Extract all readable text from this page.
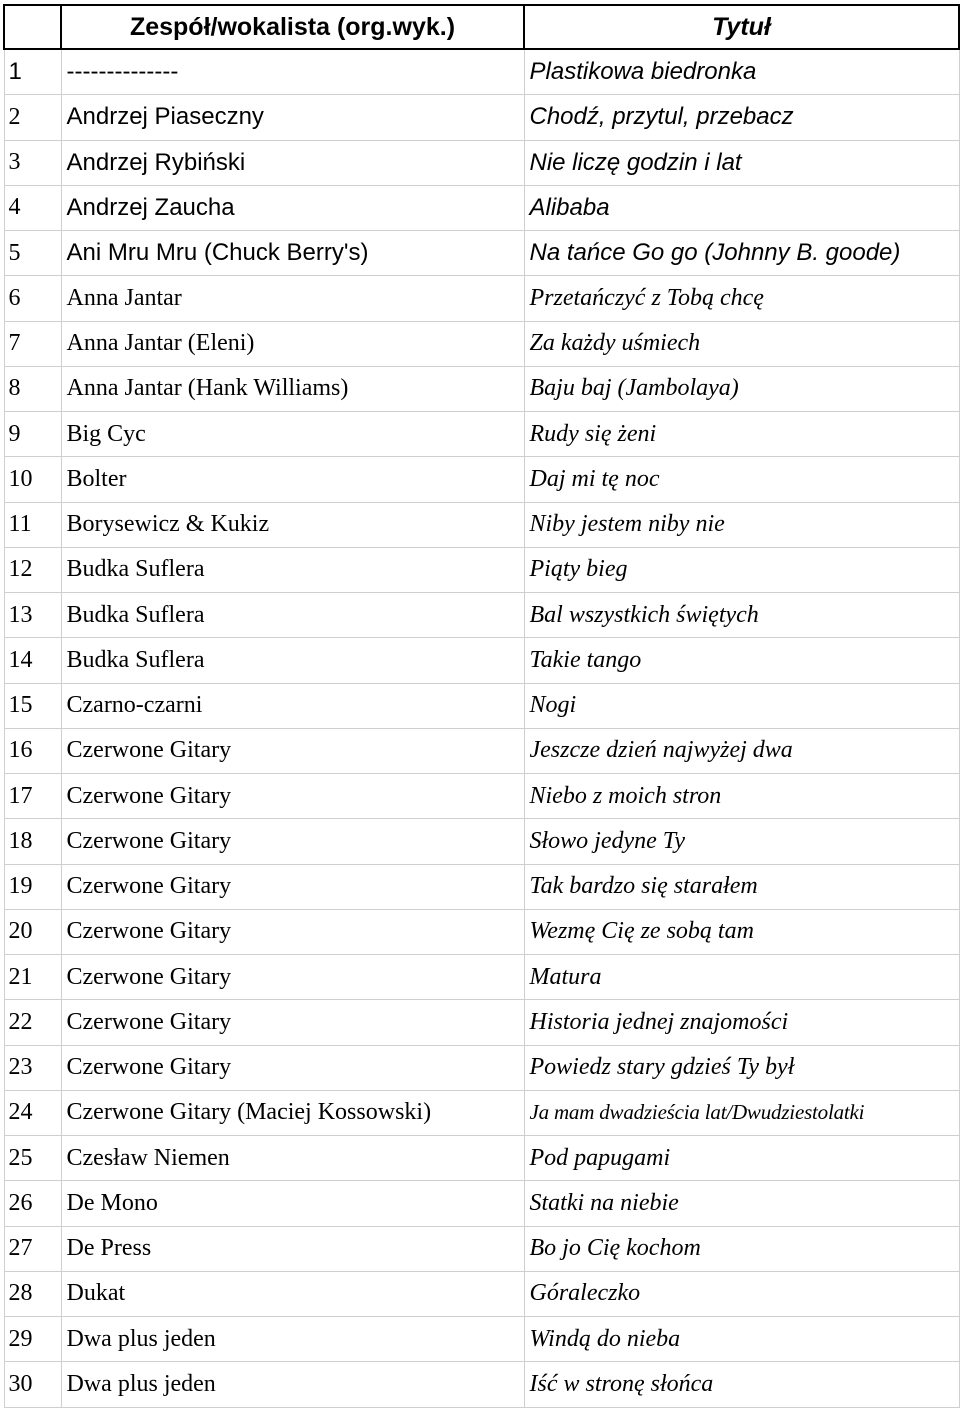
	Zespół/wokalista (org.wyk.)	Tytuł
1	--------------	Plastikowa biedronka
2	Andrzej Piaseczny	Chodź, przytul, przebacz
3	Andrzej Rybiński	Nie liczę godzin i lat
4	Andrzej Zaucha	Alibaba
5	Ani Mru Mru (Chuck Berry's)	Na tańce Go go (Johnny B. goode)
6	Anna Jantar	Przetańczyć z Tobą chcę
7	Anna Jantar (Eleni)	Za każdy uśmiech
8	Anna Jantar (Hank Williams)	Baju baj (Jambolaya)
9	Big Cyc	Rudy się żeni
10	Bolter	Daj mi tę noc
11	Borysewicz & Kukiz	Niby jestem niby nie
12	Budka Suflera	Piąty bieg
13	Budka Suflera	Bal wszystkich świętych
14	Budka Suflera	Takie tango
15	Czarno-czarni	Nogi
16	Czerwone Gitary	Jeszcze dzień najwyżej dwa
17	Czerwone Gitary	Niebo z moich stron
18	Czerwone Gitary	Słowo jedyne Ty
19	Czerwone Gitary	Tak bardzo się starałem
20	Czerwone Gitary	Wezmę Cię ze sobą tam
21	Czerwone Gitary	Matura
22	Czerwone Gitary	Historia jednej znajomości
23	Czerwone Gitary	Powiedz stary gdzieś Ty był
24	Czerwone Gitary (Maciej Kossowski)	Ja mam dwadzieścia lat/Dwudziestolatki
25	Czesław Niemen	Pod papugami
26	De Mono	Statki na niebie
27	De Press	Bo jo Cię kochom
28	Dukat	Góraleczko
29	Dwa plus jeden	Windą do nieba
30	Dwa plus jeden	Iść w stronę słońca
